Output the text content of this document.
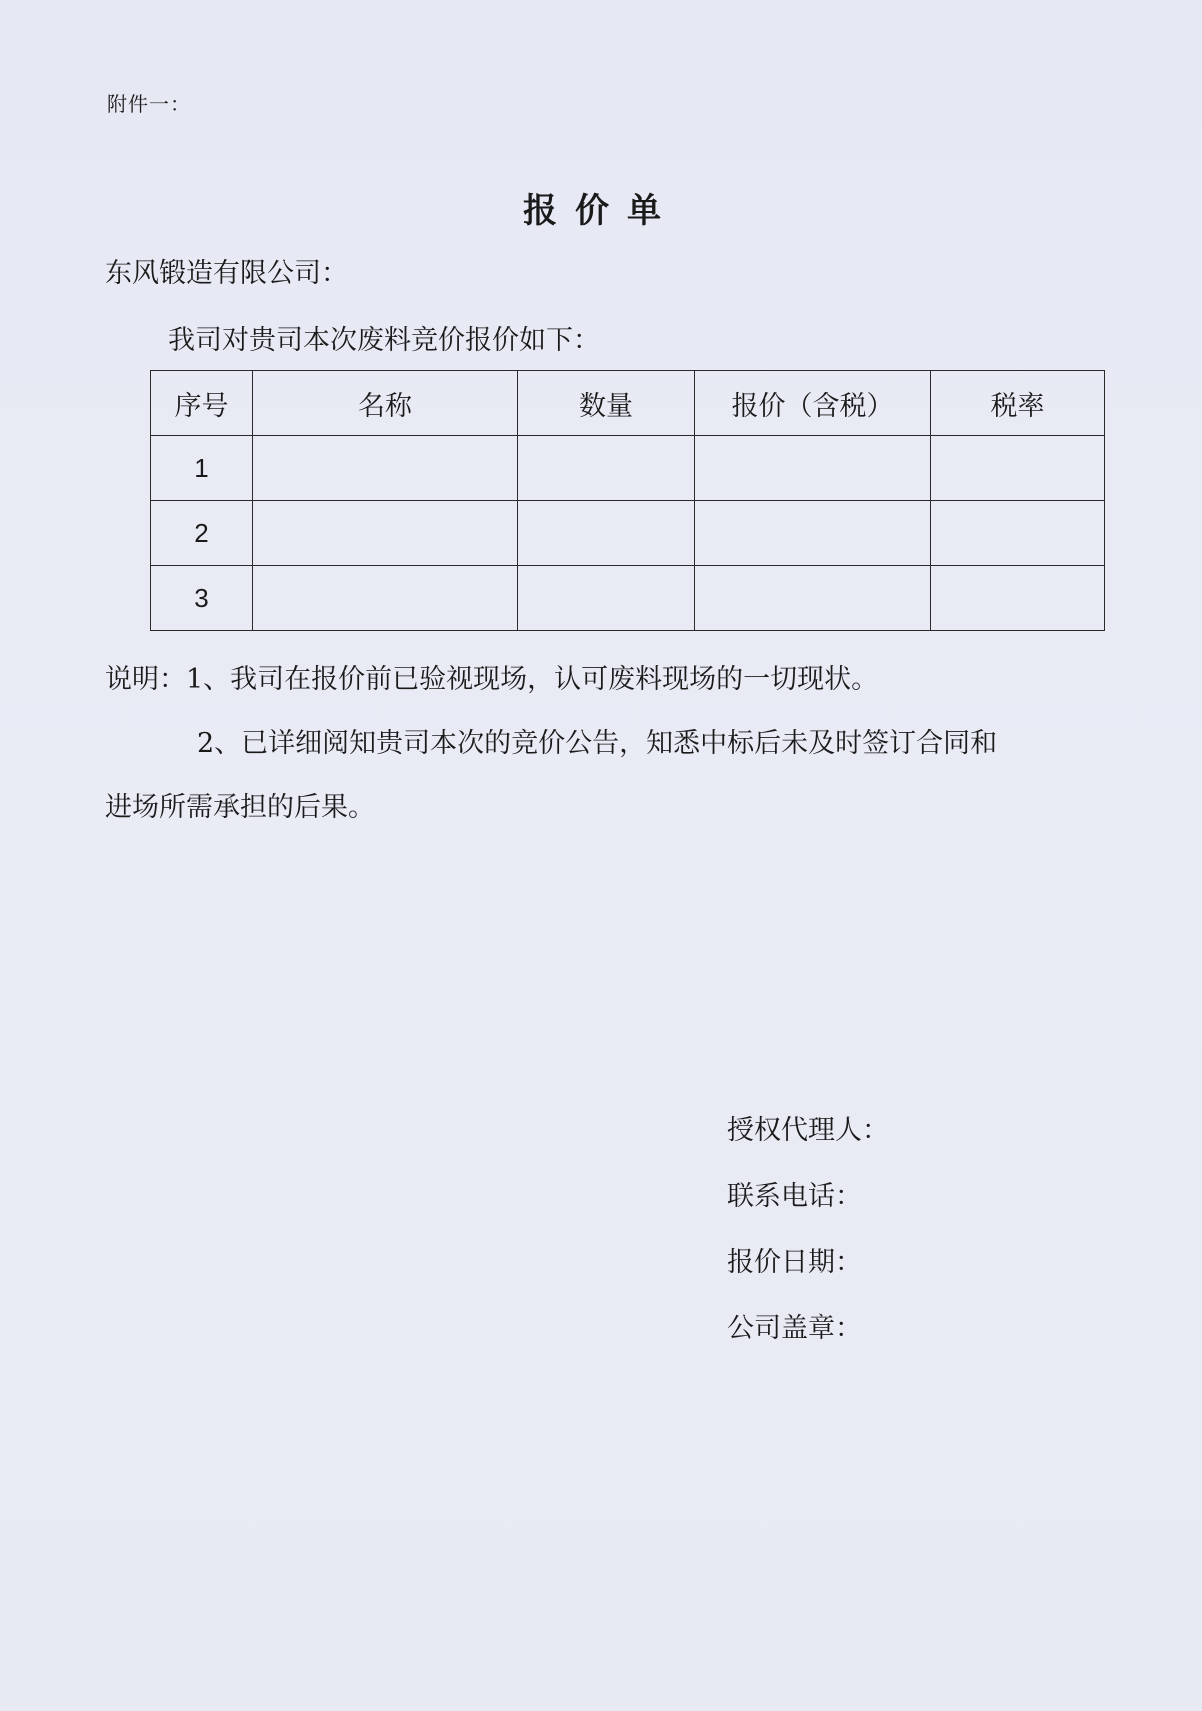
附件一：
报价单
东风锻造有限公司：
我司对贵司本次废料竞价报价如下：
序号	名称	数量	报价（含税）	税率
1				
2				
3				
说明：1、我司在报价前已验视现场，认可废料现场的一切现状。
2、已详细阅知贵司本次的竞价公告，知悉中标后未及时签订合同和
进场所需承担的后果。
授权代理人：
联系电话：
报价日期：
公司盖章：
